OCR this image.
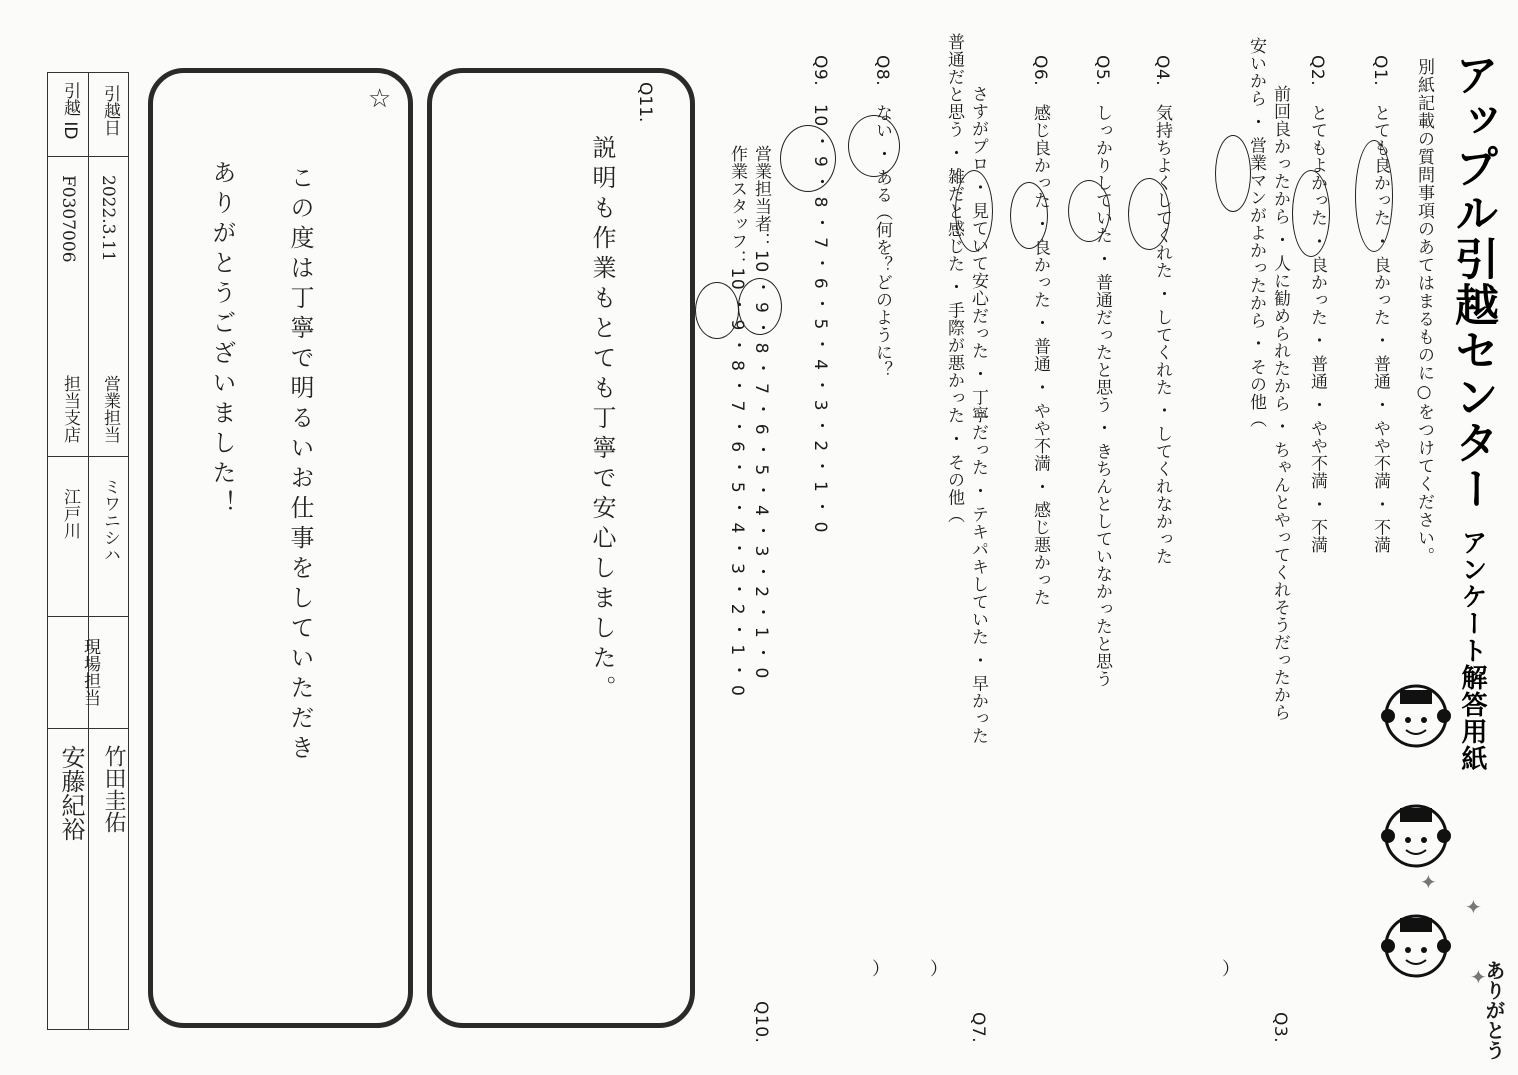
アップル引越センター アンケート解答用紙
別紙記載の質問事項のあてはまるものに○をつけてください。
✦
✦
✦
ありがとう
Q1. とても良かった ・ 良かった ・ 普通 ・ やや不満 ・ 不満
Q2. とてもよかった ・ 良かった ・ 普通 ・ やや不満 ・ 不満
Q3.
前回良かったから ・ 人に勧められたから ・ ちゃんとやってくれそうだったから
安いから ・ 営業マンがよかったから ・ その他（
Q4. 気持ちよくしてくれた ・ してくれた ・ してくれなかった
Q5. しっかりしていた ・ 普通だったと思う ・ きちんとしていなかったと思う
Q6. 感じ良かった ・ 良かった ・ 普通 ・ やや不満 ・ 感じ悪かった
Q7.
さすがプロ ・ 見ていて安心だった ・ 丁寧だった ・ テキパキしていた ・ 早かった
普通だと思う ・ 雑だと感じた ・ 手際が悪かった ・ その他（
Q8. ない ・ ある（何を？どのように？
Q9. 10 ・ 9 ・ 8 ・ 7 ・ 6 ・ 5 ・ 4 ・ 3 ・ 2 ・ 1 ・ 0
Q10.
営業担当者：10 ・ 9 ・ 8 ・ 7 ・ 6 ・ 5 ・ 4 ・ 3 ・ 2 ・ 1 ・ 0
作業スタッフ：10 ・ 9 ・ 8 ・ 7 ・ 6 ・ 5 ・ 4 ・ 3 ・ 2 ・ 1 ・ 0
）
）
）
Q11.
説明も作業もとても丁寧で安心しました。
☆
この度は丁寧で明るいお仕事をしていただき
ありがとうございました！
引越日
引越 ID
2022.3.11
F0307006
営業担当
担当支店
ミワニシハ
江戸川
現場担当
竹田圭佑
安藤紀裕
